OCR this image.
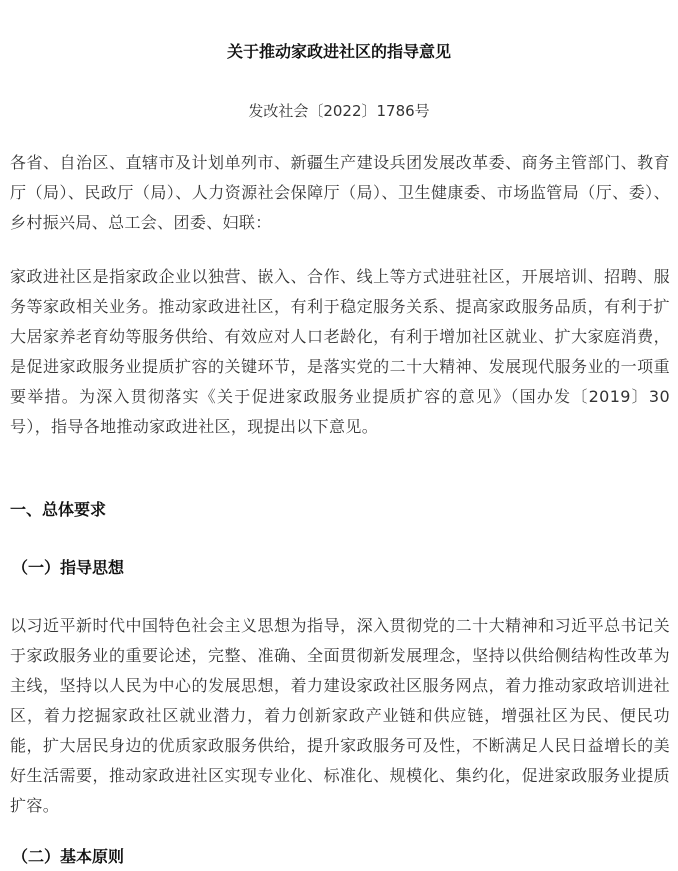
关于推动家政进社区的指导意见

发改社会〔2022〕1786号

各省、自治区、直辖市及计划单列市、新疆生产建设兵团发展改革委、商务主管部门、教育厅（局）、民政厅（局）、人力资源社会保障厅（局）、卫生健康委、市场监管局（厅、委）、乡村振兴局、总工会、团委、妇联：

家政进社区是指家政企业以独营、嵌入、合作、线上等方式进驻社区，开展培训、招聘、服务等家政相关业务。推动家政进社区，有利于稳定服务关系、提高家政服务品质，有利于扩大居家养老育幼等服务供给、有效应对人口老龄化，有利于增加社区就业、扩大家庭消费，是促进家政服务业提质扩容的关键环节，是落实党的二十大精神、发展现代服务业的一项重要举措。为深入贯彻落实《关于促进家政服务业提质扩容的意见》（国办发〔2019〕30号），指导各地推动家政进社区，现提出以下意见。

一、总体要求
（一）指导思想

以习近平新时代中国特色社会主义思想为指导，深入贯彻党的二十大精神和习近平总书记关于家政服务业的重要论述，完整、准确、全面贯彻新发展理念，坚持以供给侧结构性改革为主线，坚持以人民为中心的发展思想，着力建设家政社区服务网点，着力推动家政培训进社区，着力挖掘家政社区就业潜力，着力创新家政产业链和供应链，增强社区为民、便民功能，扩大居民身边的优质家政服务供给，提升家政服务可及性，不断满足人民日益增长的美好生活需要，推动家政进社区实现专业化、标准化、规模化、集约化，促进家政服务业提质扩容。

（二）基本原则
